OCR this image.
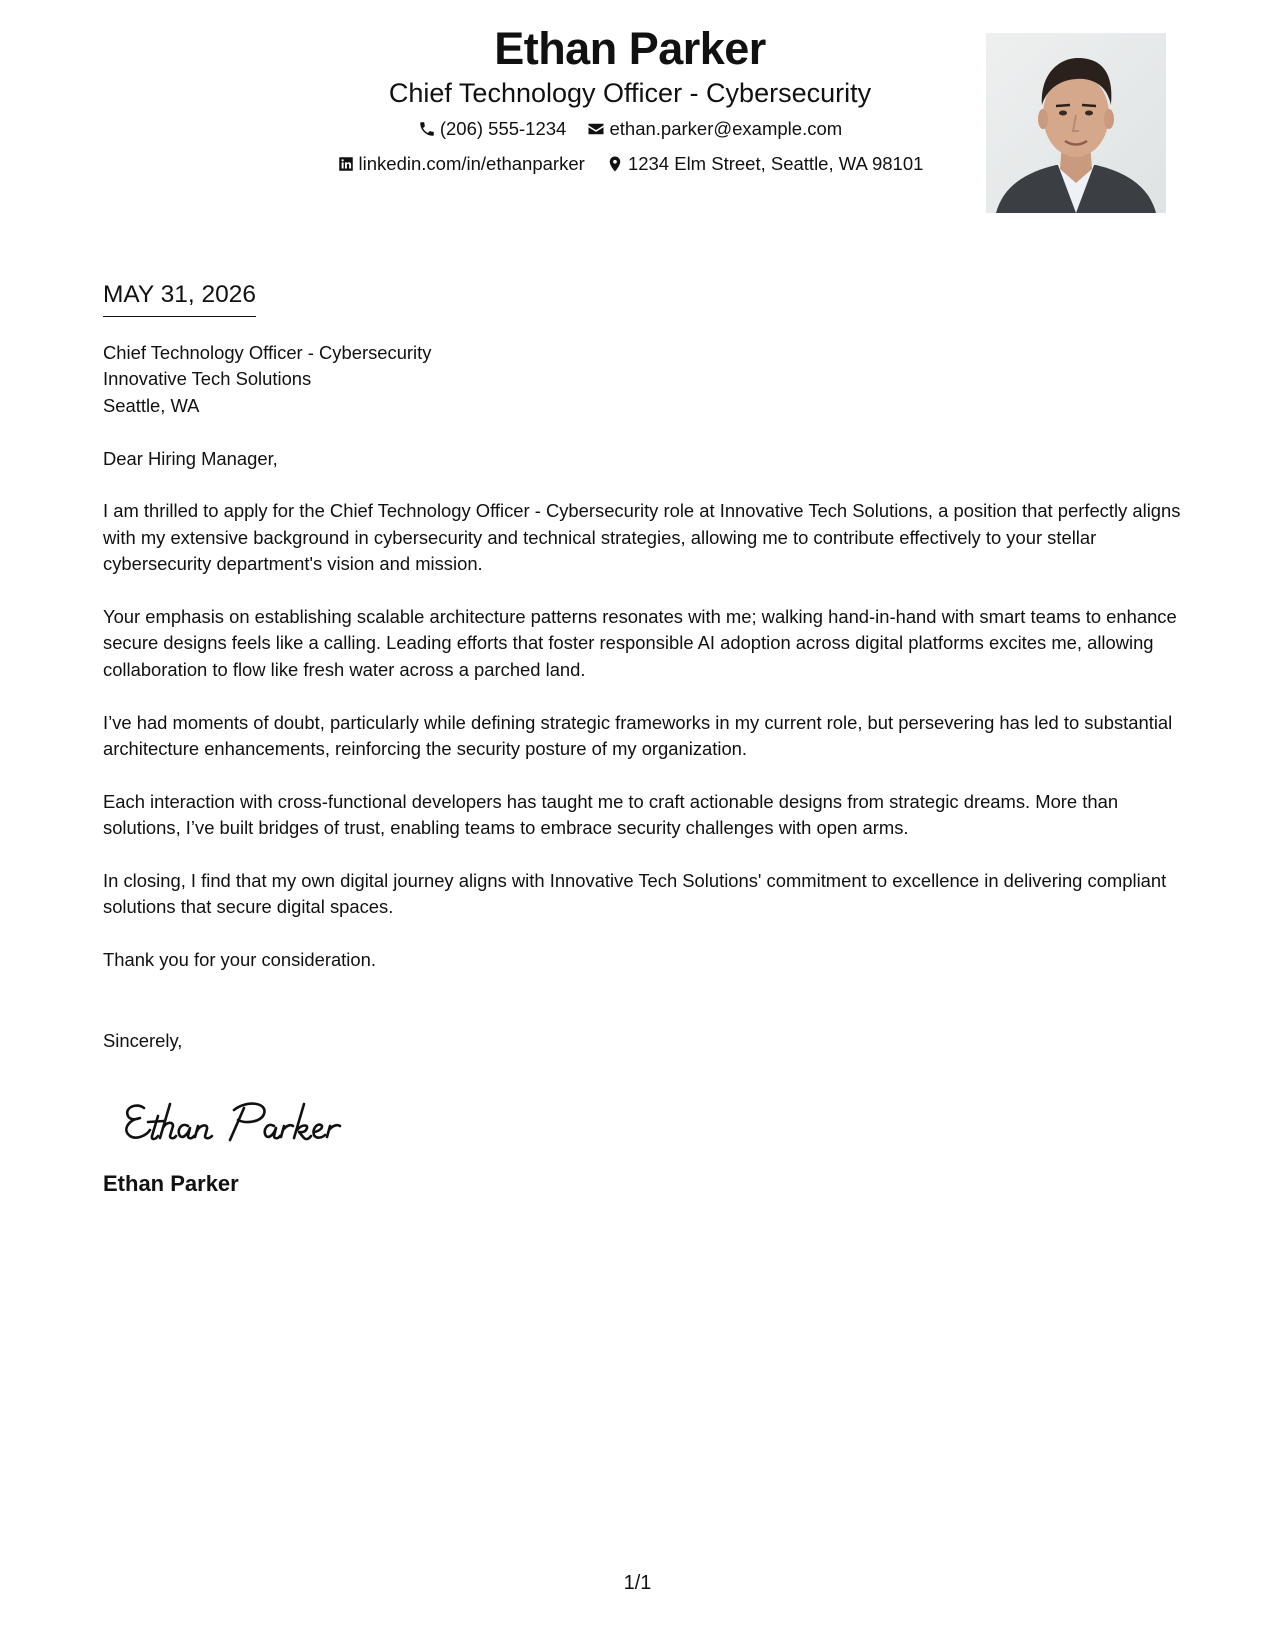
Ethan Parker
Chief Technology Officer - Cybersecurity
(206) 555-1234
ethan.parker@example.com
linkedin.com/in/ethanparker
1234 Elm Street, Seattle, WA 98101
MAY 31, 2026
Chief Technology Officer - Cybersecurity
Innovative Tech Solutions
Seattle, WA
Dear Hiring Manager,
I am thrilled to apply for the Chief Technology Officer - Cybersecurity role at Innovative Tech Solutions, a position that perfectly aligns with my extensive background in cybersecurity and technical strategies, allowing me to contribute effectively to your stellar cybersecurity department's vision and mission.
Your emphasis on establishing scalable architecture patterns resonates with me; walking hand-in-hand with smart teams to enhance secure designs feels like a calling. Leading efforts that foster responsible AI adoption across digital platforms excites me, allowing collaboration to flow like fresh water across a parched land.
I’ve had moments of doubt, particularly while defining strategic frameworks in my current role, but persevering has led to substantial architecture enhancements, reinforcing the security posture of my organization.
Each interaction with cross-functional developers has taught me to craft actionable designs from strategic dreams. More than solutions, I’ve built bridges of trust, enabling teams to embrace security challenges with open arms.
In closing, I find that my own digital journey aligns with Innovative Tech Solutions' commitment to excellence in delivering compliant solutions that secure digital spaces.
Thank you for your consideration.
Sincerely,
Ethan Parker
1/1
